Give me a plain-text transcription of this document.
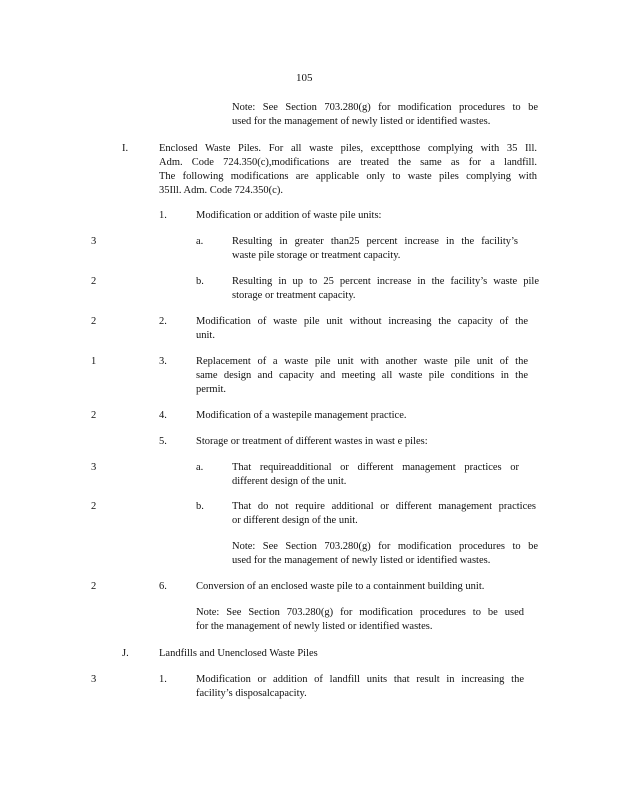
105
Note: See Section 703.280(g) for modification procedures to be
used for the management of newly listed or identified wastes.
I.	Enclosed Waste Piles. For all waste piles, exceptthose complying with 35 Ill.
Adm. Code 724.350(c),modifications are treated the same as for a landfill.
The following modifications are applicable only to waste piles complying with
35Ill. Adm. Code 724.350(c).
1.	Modification or addition of waste pile units:
3	a.	Resulting in greater than25 percent increase in the facility’s
waste pile storage or treatment capacity.
2	b.	Resulting in up to 25 percent increase in the facility’s waste pile
storage or treatment capacity.
2	2.	Modification of waste pile unit without increasing the capacity of the
unit.
1	3.	Replacement of a waste pile unit with another waste pile unit of the
same design and capacity and meeting all waste pile conditions in the
permit.
2	4.	Modification of a wastepile management practice.
5.	Storage or treatment of different wastes in wast e piles:
3	a.	That requireadditional or different management practices or
different design of the unit.
2	b.	That do not require additional or different management practices
or different design of the unit.
Note: See Section 703.280(g) for modification procedures to be
used for the management of newly listed or identified wastes.
2	6.	Conversion of an enclosed waste pile to a containment building unit.
Note: See Section 703.280(g) for modification procedures to be used
for the management of newly listed or identified wastes.
J.	Landfills and Unenclosed Waste Piles
3	1.	Modification or addition of landfill units that result in increasing the
facility’s disposalcapacity.
